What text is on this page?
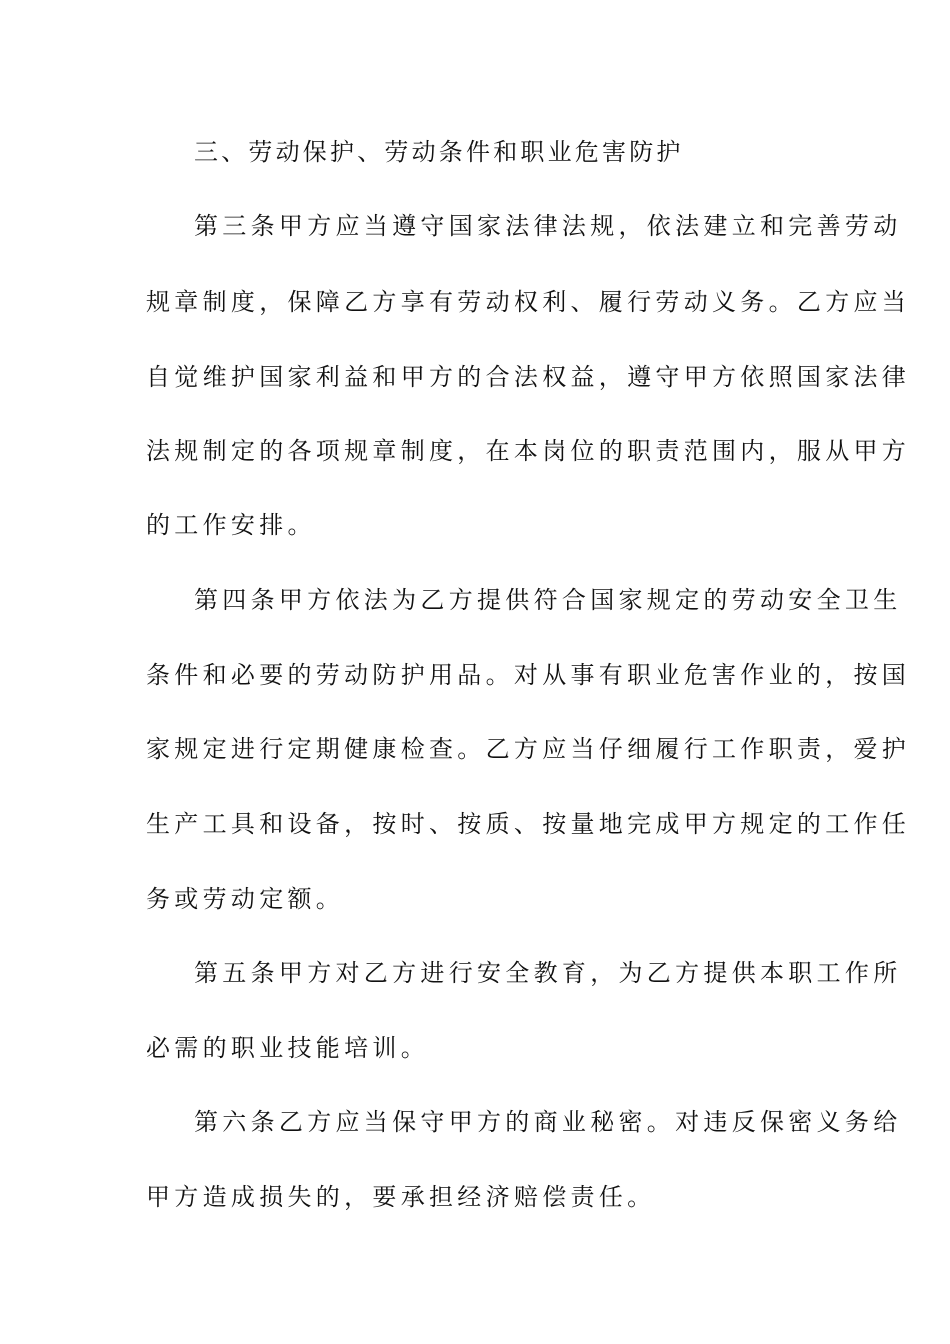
三、劳动保护、劳动条件和职业危害防护
第三条甲方应当遵守国家法律法规，依法建立和完善劳动
规章制度，保障乙方享有劳动权利、履行劳动义务。乙方应当
自觉维护国家利益和甲方的合法权益，遵守甲方依照国家法律
法规制定的各项规章制度，在本岗位的职责范围内，服从甲方
的工作安排。
第四条甲方依法为乙方提供符合国家规定的劳动安全卫生
条件和必要的劳动防护用品。对从事有职业危害作业的，按国
家规定进行定期健康检查。乙方应当仔细履行工作职责，爱护
生产工具和设备，按时、按质、按量地完成甲方规定的工作任
务或劳动定额。
第五条甲方对乙方进行安全教育，为乙方提供本职工作所
必需的职业技能培训。
第六条乙方应当保守甲方的商业秘密。对违反保密义务给
甲方造成损失的，要承担经济赔偿责任。
